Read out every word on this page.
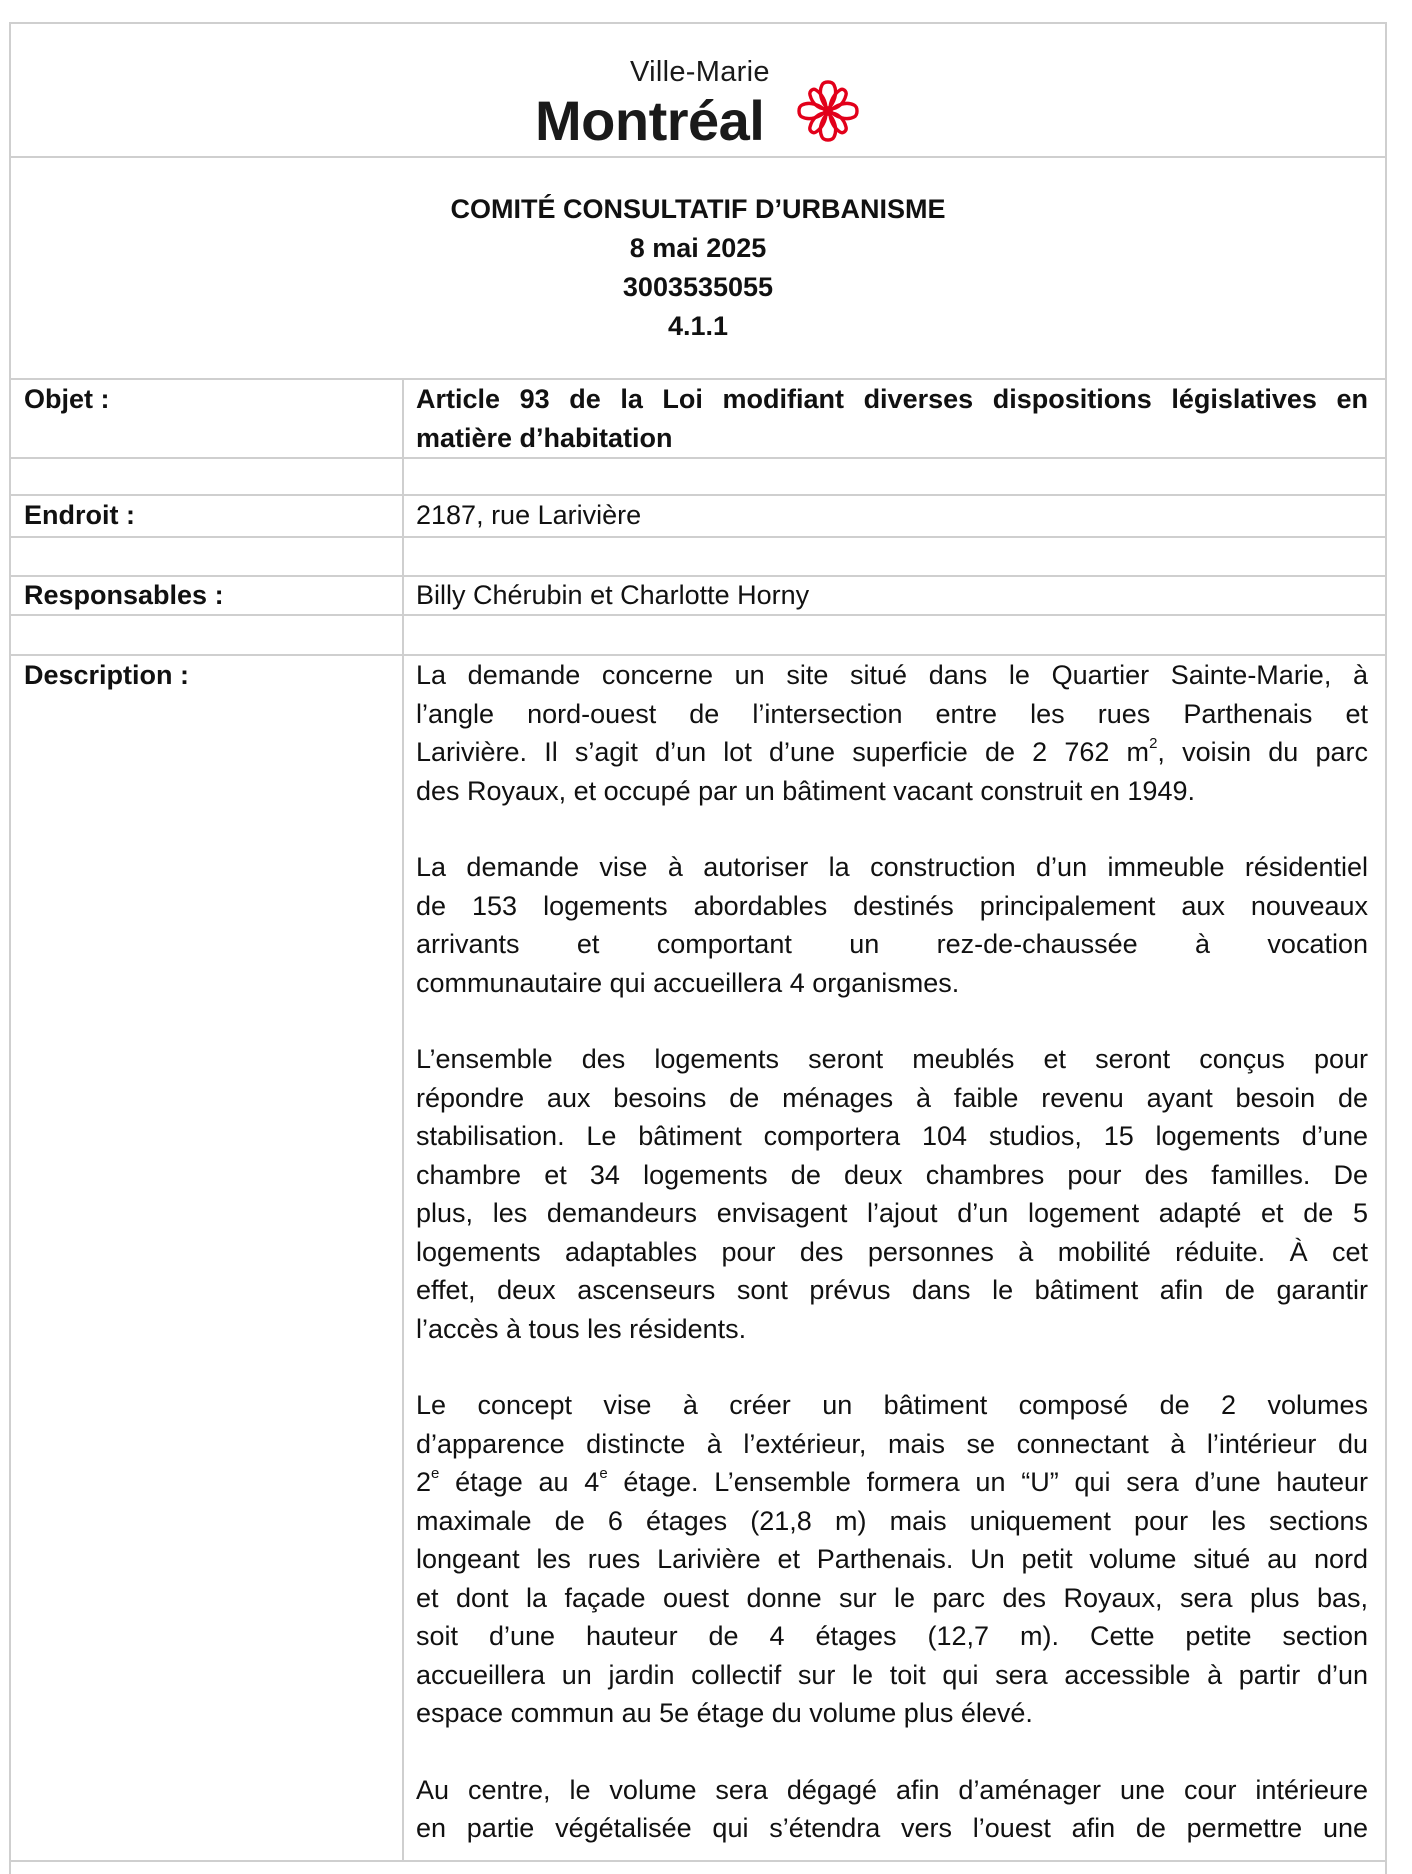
Ville-Marie
Montréal
COMITÉ CONSULTATIF D’URBANISME
8 mai 2025
3003535055
4.1.1
Objet :	Article 93 de la Loi modifiant diverses dispositions législatives en
matière d’habitation
Endroit :	2187, rue Larivière
Responsables :	Billy Chérubin et Charlotte Horny
Description :	La demande concerne un site situé dans le Quartier Sainte-Marie, à
l’angle nord-ouest de l’intersection entre les rues Parthenais et
Larivière. Il s’agit d’un lot d’une superficie de 2 762 $m^2$, voisin du parc
des Royaux, et occupé par un bâtiment vacant construit en 1949.
La demande vise à autoriser la construction d’un immeuble résidentiel
de 153 logements abordables destinés principalement aux nouveaux
arrivants et comportant un rez-de-chaussée à vocation
communautaire qui accueillera 4 organismes.
L’ensemble des logements seront meublés et seront conçus pour
répondre aux besoins de ménages à faible revenu ayant besoin de
stabilisation. Le bâtiment comportera 104 studios, 15 logements d’une
chambre et 34 logements de deux chambres pour des familles. De
plus, les demandeurs envisagent l’ajout d’un logement adapté et de 5
logements adaptables pour des personnes à mobilité réduite. À cet
effet, deux ascenseurs sont prévus dans le bâtiment afin de garantir
l’accès à tous les résidents.
Le concept vise à créer un bâtiment composé de 2 volumes
d’apparence distincte à l’extérieur, mais se connectant à l’intérieur du
2e étage au 4e étage. L’ensemble formera un “U” qui sera d’une hauteur
maximale de 6 étages (21,8 m) mais uniquement pour les sections
longeant les rues Larivière et Parthenais. Un petit volume situé au nord
et dont la façade ouest donne sur le parc des Royaux, sera plus bas,
soit d’une hauteur de 4 étages (12,7 m). Cette petite section
accueillera un jardin collectif sur le toit qui sera accessible à partir d’un
espace commun au 5e étage du volume plus élevé.
Au centre, le volume sera dégagé afin d’aménager une cour intérieure
en partie végétalisée qui s’étendra vers l’ouest afin de permettre une
